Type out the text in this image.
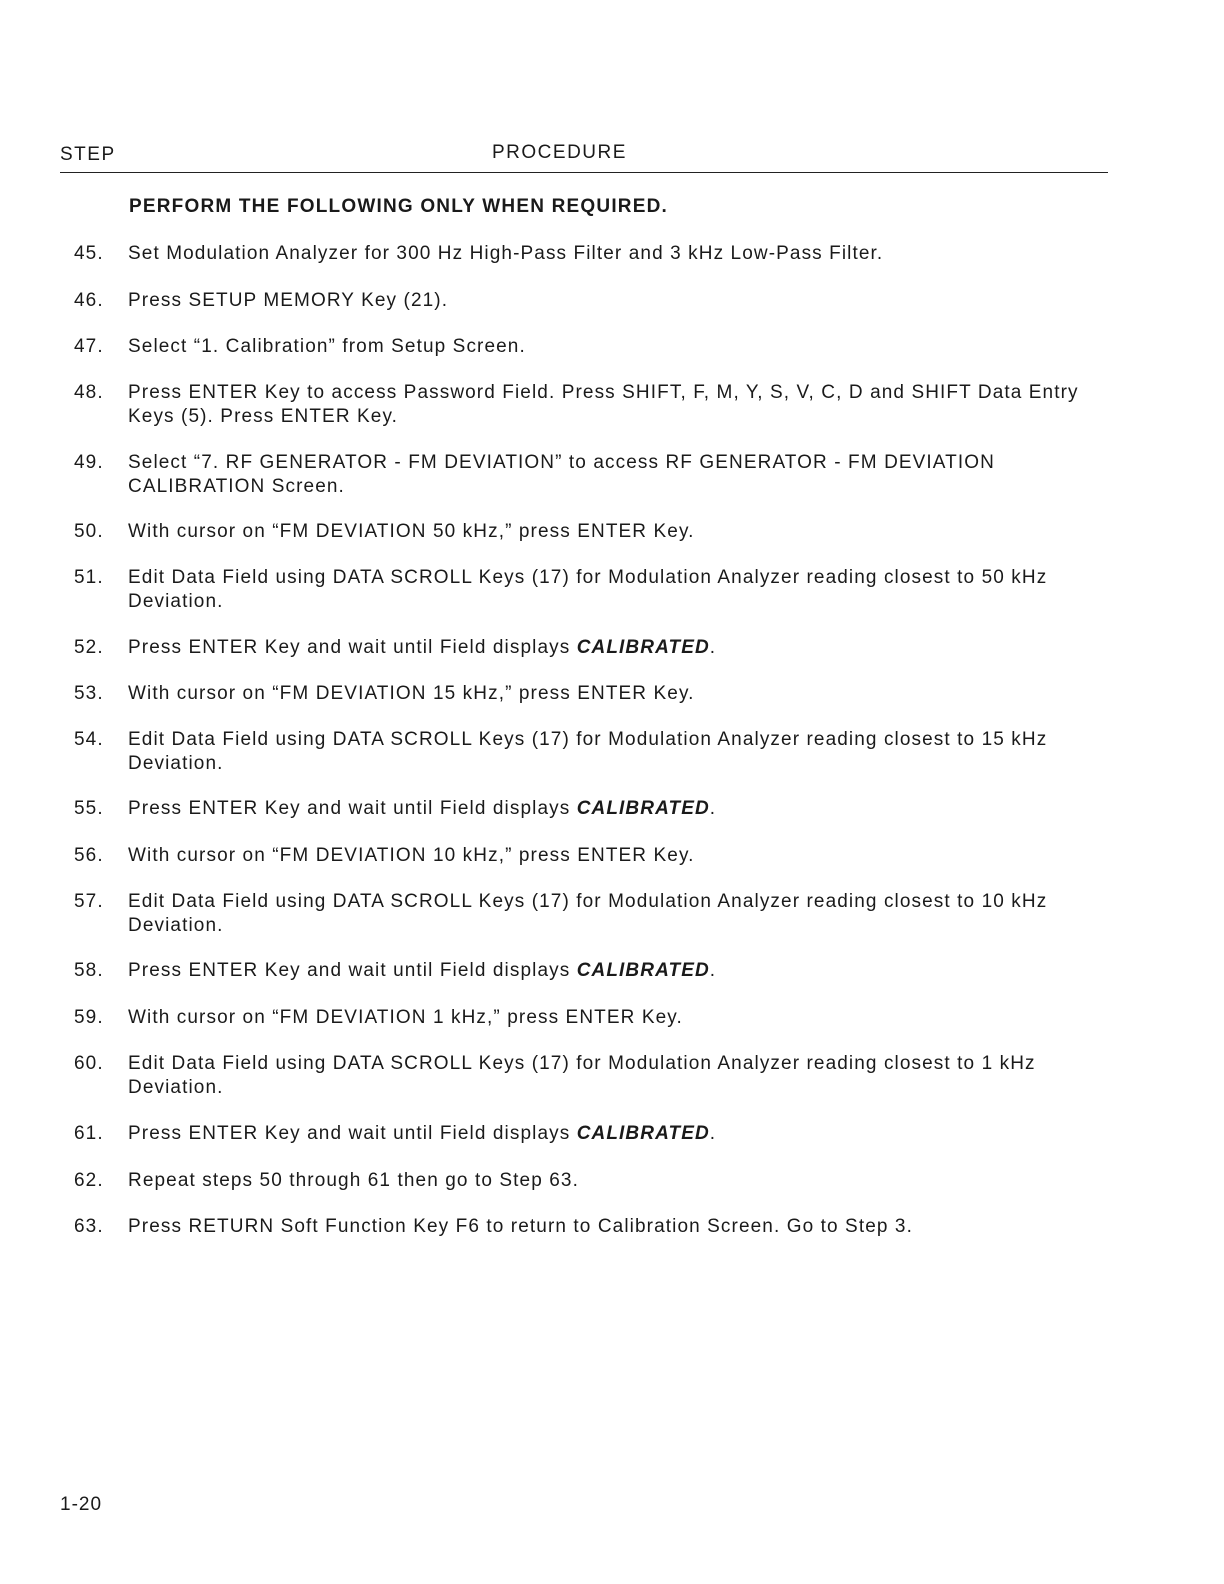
STEP	PROCEDURE
PERFORM THE FOLLOWING ONLY WHEN REQUIRED.
45. Set Modulation Analyzer for 300 Hz High-Pass Filter and 3 kHz Low-Pass Filter.
46. Press SETUP MEMORY Key (21).
47. Select “1. Calibration” from Setup Screen.
48. Press ENTER Key to access Password Field. Press SHIFT, F, M, Y, S, V, C, D and SHIFT Data Entry Keys (5). Press ENTER Key.
49. Select “7. RF GENERATOR - FM DEVIATION” to access RF GENERATOR - FM DEVIATION CALIBRATION Screen.
50. With cursor on “FM DEVIATION 50 kHz,” press ENTER Key.
51. Edit Data Field using DATA SCROLL Keys (17) for Modulation Analyzer reading closest to 50 kHz Deviation.
52. Press ENTER Key and wait until Field displays CALIBRATED.
53. With cursor on “FM DEVIATION 15 kHz,” press ENTER Key.
54. Edit Data Field using DATA SCROLL Keys (17) for Modulation Analyzer reading closest to 15 kHz Deviation.
55. Press ENTER Key and wait until Field displays CALIBRATED.
56. With cursor on “FM DEVIATION 10 kHz,” press ENTER Key.
57. Edit Data Field using DATA SCROLL Keys (17) for Modulation Analyzer reading closest to 10 kHz Deviation.
58. Press ENTER Key and wait until Field displays CALIBRATED.
59. With cursor on “FM DEVIATION 1 kHz,” press ENTER Key.
60. Edit Data Field using DATA SCROLL Keys (17) for Modulation Analyzer reading closest to 1 kHz Deviation.
61. Press ENTER Key and wait until Field displays CALIBRATED.
62. Repeat steps 50 through 61 then go to Step 63.
63. Press RETURN Soft Function Key F6 to return to Calibration Screen. Go to Step 3.
1-20
